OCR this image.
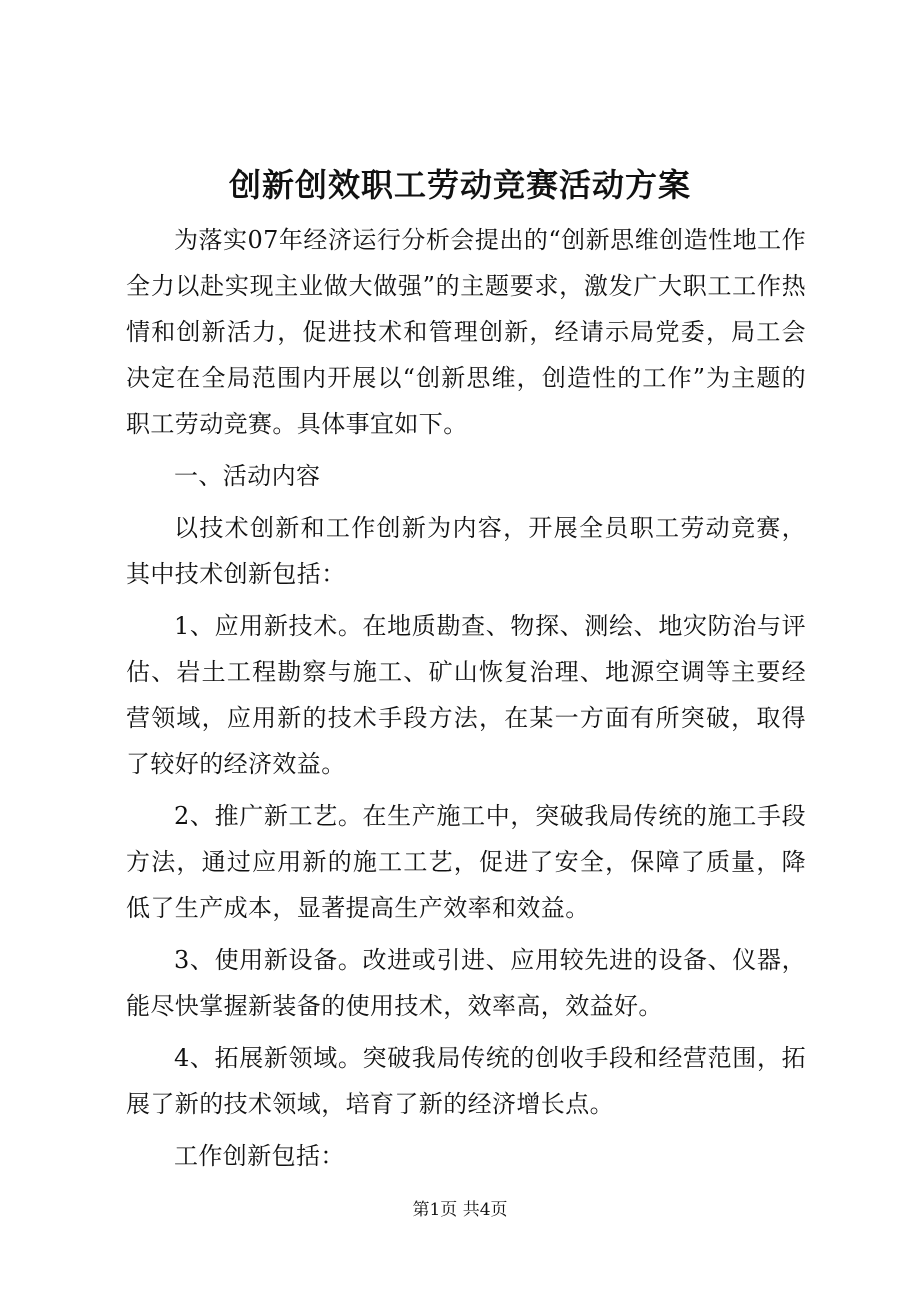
创新创效职工劳动竞赛活动方案

为落实07年经济运行分析会提出的“创新思维创造性地工作全力以赴实现主业做大做强”的主题要求，激发广大职工工作热情和创新活力，促进技术和管理创新，经请示局党委，局工会决定在全局范围内开展以“创新思维，创造性的工作”为主题的职工劳动竞赛。具体事宜如下。

一、活动内容

以技术创新和工作创新为内容，开展全员职工劳动竞赛，其中技术创新包括：

1、应用新技术。在地质勘查、物探、测绘、地灾防治与评估、岩土工程勘察与施工、矿山恢复治理、地源空调等主要经营领域，应用新的技术手段方法，在某一方面有所突破，取得了较好的经济效益。

2、推广新工艺。在生产施工中，突破我局传统的施工手段方法，通过应用新的施工工艺，促进了安全，保障了质量，降低了生产成本，显著提高生产效率和效益。

3、使用新设备。改进或引进、应用较先进的设备、仪器，能尽快掌握新装备的使用技术，效率高，效益好。

4、拓展新领域。突破我局传统的创收手段和经营范围，拓展了新的技术领域，培育了新的经济增长点。

工作创新包括：

第1页 共4页
